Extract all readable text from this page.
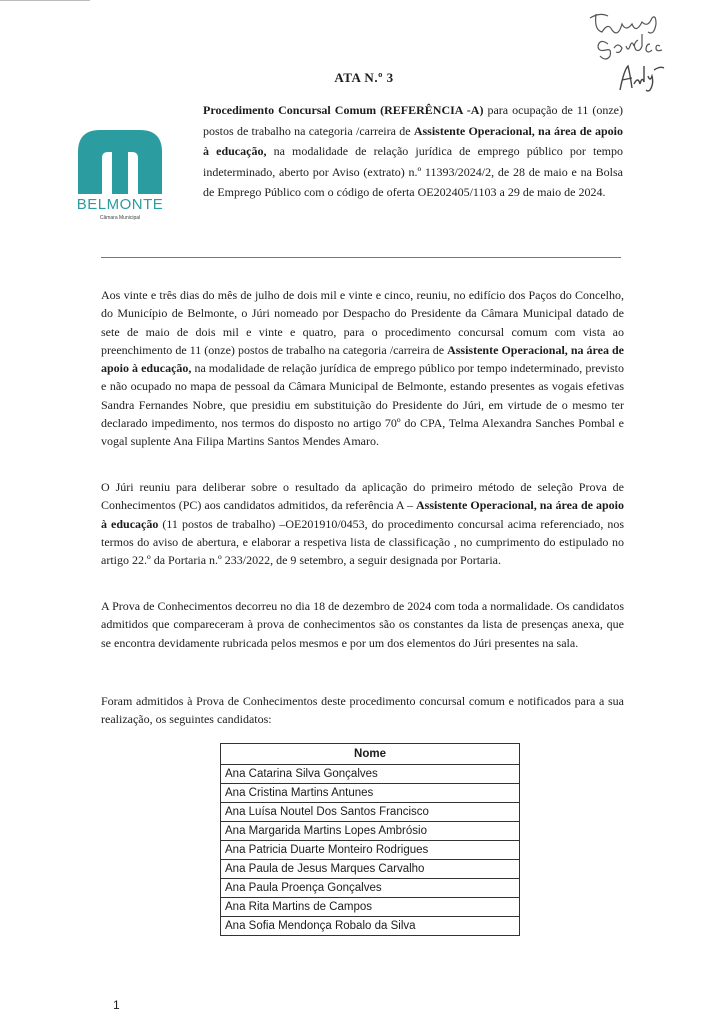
ATA N.º 3
BELMONTE
Câmara Municipal
Procedimento Concursal Comum (REFERÊNCIA -A) para ocupação de 11 (onze) postos de trabalho na categoria /carreira de Assistente Operacional, na área de apoio à educação, na modalidade de relação jurídica de emprego público por tempo indeterminado, aberto por Aviso (extrato) n.º 11393/2024/2, de 28 de maio e na Bolsa de Emprego Público com o código de oferta OE202405/1103 a 29 de maio de 2024.
Aos vinte e três dias do mês de julho de dois mil e vinte e cinco, reuniu, no edifício dos Paços do Concelho, do Município de Belmonte, o Júri nomeado por Despacho do Presidente da Câmara Municipal datado de sete de maio de dois mil e vinte e quatro, para o procedimento concursal comum com vista ao preenchimento de 11 (onze) postos de trabalho na categoria /carreira de Assistente Operacional, na área de apoio à educação, na modalidade de relação jurídica de emprego público por tempo indeterminado, previsto e não ocupado no mapa de pessoal da Câmara Municipal de Belmonte, estando presentes as vogais efetivas Sandra Fernandes Nobre, que presidiu em substituição do Presidente do Júri, em virtude de o mesmo ter declarado impedimento, nos termos do disposto no artigo 70º do CPA, Telma Alexandra Sanches Pombal e vogal suplente Ana Filipa Martins Santos Mendes Amaro.
O Júri reuniu para deliberar sobre o resultado da aplicação do primeiro método de seleção Prova de Conhecimentos (PC) aos candidatos admitidos, da referência A – Assistente Operacional, na área de apoio à educação (11 postos de trabalho) –OE201910/0453, do procedimento concursal acima referenciado, nos termos do aviso de abertura, e elaborar a respetiva lista de classificação , no cumprimento do estipulado no artigo 22.º da Portaria n.º 233/2022, de 9 setembro, a seguir designada por Portaria.
A Prova de Conhecimentos decorreu no dia 18 de dezembro de 2024 com toda a normalidade. Os candidatos admitidos que compareceram à prova de conhecimentos são os constantes da lista de presenças anexa, que se encontra devidamente rubricada pelos mesmos e por um dos elementos do Júri presentes na sala.
Foram admitidos à Prova de Conhecimentos deste procedimento concursal comum e notificados para a sua realização, os seguintes candidatos:
Nome
Ana Catarina Silva Gonçalves
Ana Cristina Martins Antunes
Ana Luísa Noutel Dos Santos Francisco
Ana Margarida Martins Lopes Ambrósio
Ana Patricia Duarte Monteiro Rodrigues
Ana Paula de Jesus Marques Carvalho
Ana Paula Proença Gonçalves
Ana Rita Martins de Campos
Ana Sofia Mendonça Robalo da Silva
1
